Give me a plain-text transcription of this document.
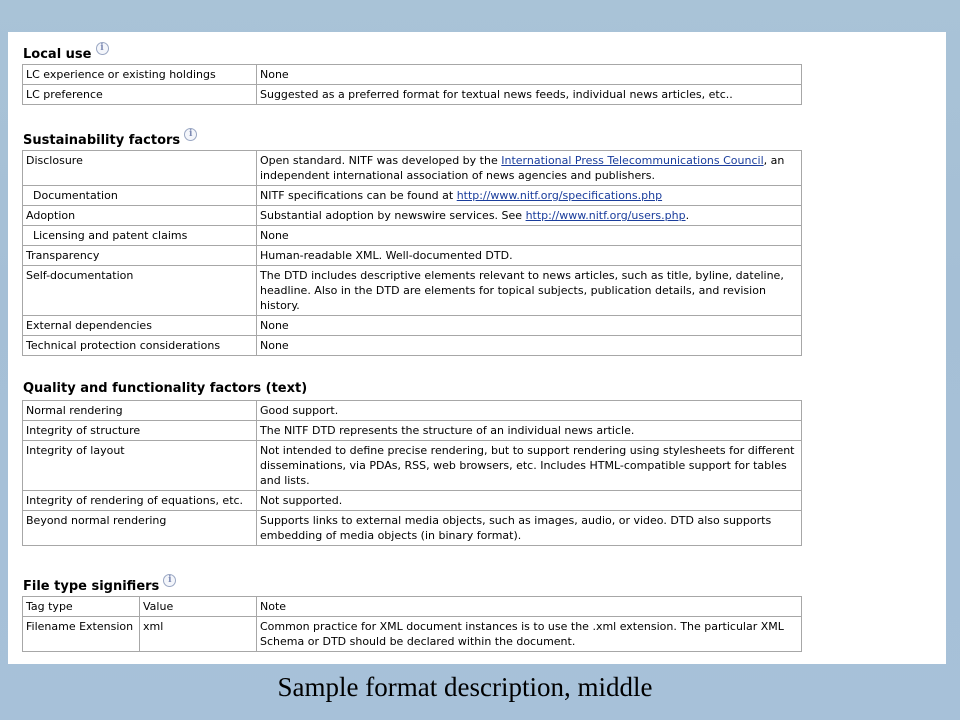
Local use i
LC experience or existing holdings	None
LC preference	Suggested as a preferred format for textual news feeds, individual news articles, etc..
Sustainability factors i
Disclosure	Open standard. NITF was developed by the International Press Telecommunications Council, an independent international association of news agencies and publishers.
Documentation	NITF specifications can be found at http://www.nitf.org/specifications.php
Adoption	Substantial adoption by newswire services. See http://www.nitf.org/users.php.
Licensing and patent claims	None
Transparency	Human-readable XML. Well-documented DTD.
Self-documentation	The DTD includes descriptive elements relevant to news articles, such as title, byline, dateline, headline. Also in the DTD are elements for topical subjects, publication details, and revision history.
External dependencies	None
Technical protection considerations	None
Quality and functionality factors (text)
Normal rendering	Good support.
Integrity of structure	The NITF DTD represents the structure of an individual news article.
Integrity of layout	Not intended to define precise rendering, but to support rendering using stylesheets for different disseminations, via PDAs, RSS, web browsers, etc. Includes HTML-compatible support for tables and lists.
Integrity of rendering of equations, etc.	Not supported.
Beyond normal rendering	Supports links to external media objects, such as images, audio, or video. DTD also supports embedding of media objects (in binary format).
File type signifiers i
Tag type	Value	Note
Filename Extension	xml	Common practice for XML document instances is to use the .xml extension. The particular XML Schema or DTD should be declared within the document.
Sample format description, middle
